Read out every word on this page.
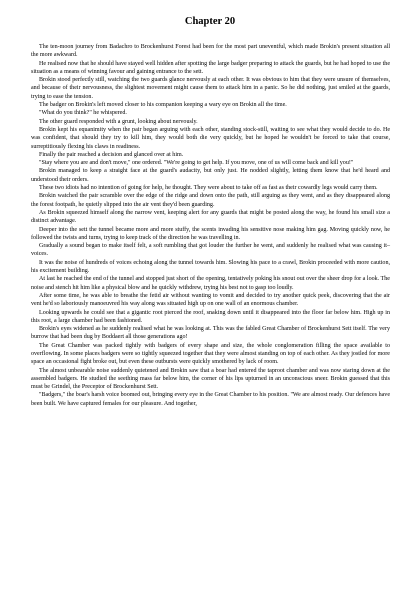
Chapter 20

The ten-moon journey from Badachro to Brockenhurst Forest had been for the most part uneventful, which made Brokin's present situation all the more awkward.

He realised now that he should have stayed well hidden after spotting the large badger preparing to attack the guards, but he had hoped to use the situation as a means of winning favour and gaining entrance to the sett.

Brokin stood perfectly still, watching the two guards glance nervously at each other. It was obvious to him that they were unsure of themselves, and because of their nervousness, the slightest movement might cause them to attack him in a panic. So he did nothing, just smiled at the guards, trying to ease the tension.

The badger on Brokin's left moved closer to his companion keeping a wary eye on Brokin all the time.

"What do you think?" he whispered.

The other guard responded with a grunt, looking about nervously.

Brokin kept his equanimity when the pair began arguing with each other, standing stock-still, waiting to see what they would decide to do. He was confident, that should they try to kill him, they would both die very quickly, but he hoped he wouldn't be forced to take that course, surreptitiously flexing his claws in readiness.

Finally the pair reached a decision and glanced over at him.

"Stay where you are and don't move," one ordered. "We're going to get help. If you move, one of us will come back and kill you!"

Brokin managed to keep a straight face at the guard's audacity, but only just. He nodded slightly, letting them know that he'd heard and understood their orders.

These two idiots had no intention of going for help, he thought. They were about to take off as fast as their cowardly legs would carry them.

Brokin watched the pair scramble over the edge of the ridge and down onto the path, still arguing as they went, and as they disappeared along the forest footpath, he quietly slipped into the air vent they'd been guarding.

As Brokin squeezed himself along the narrow vent, keeping alert for any guards that might be posted along the way, he found his small size a distinct advantage.

Deeper into the sett the tunnel became more and more stuffy, the scents invading his sensitive nose making him gag. Moving quickly now, he followed the twists and turns, trying to keep track of the direction he was travelling in.

Gradually a sound began to make itself felt, a soft rumbling that got louder the further he went, and suddenly he realised what was causing it– voices.

It was the noise of hundreds of voices echoing along the tunnel towards him. Slowing his pace to a crawl, Brokin proceeded with more caution, his excitement building.

At last he reached the end of the tunnel and stopped just short of the opening, tentatively poking his snout out over the sheer drop for a look. The noise and stench hit him like a physical blow and he quickly withdrew, trying his best not to gasp too loudly.

After some time, he was able to breathe the fetid air without wanting to vomit and decided to try another quick peek, discovering that the air vent he'd so laboriously manoeuvred his way along was situated high up on one wall of an enormous chamber.

Looking upwards he could see that a gigantic root pierced the roof, snaking down until it disappeared into the floor far below him. High up in this root, a large chamber had been fashioned.

Brokin's eyes widened as he suddenly realised what he was looking at. This was the fabled Great Chamber of Brockenhurst Sett itself. The very burrow that had been dug by Boddaert all those generations ago!

The Great Chamber was packed tightly with badgers of every shape and size, the whole conglomeration filling the space available to overflowing. In some places badgers were so tightly squeezed together that they were almost standing on top of each other. As they jostled for more space an occasional fight broke out, but even these outbursts were quickly smothered by lack of room.

The almost unbearable noise suddenly quietened and Brokin saw that a boar had entered the taproot chamber and was now staring down at the assembled badgers. He studied the seething mass far below him, the corner of his lips upturned in an unconscious sneer. Brokin guessed that this must be Grindel, the Preceptor of Brockenhurst Sett.

"Badgers," the boar's harsh voice boomed out, bringing every eye in the Great Chamber to his position. "We are almost ready. Our defences have been built. We have captured females for our pleasure. And together,
